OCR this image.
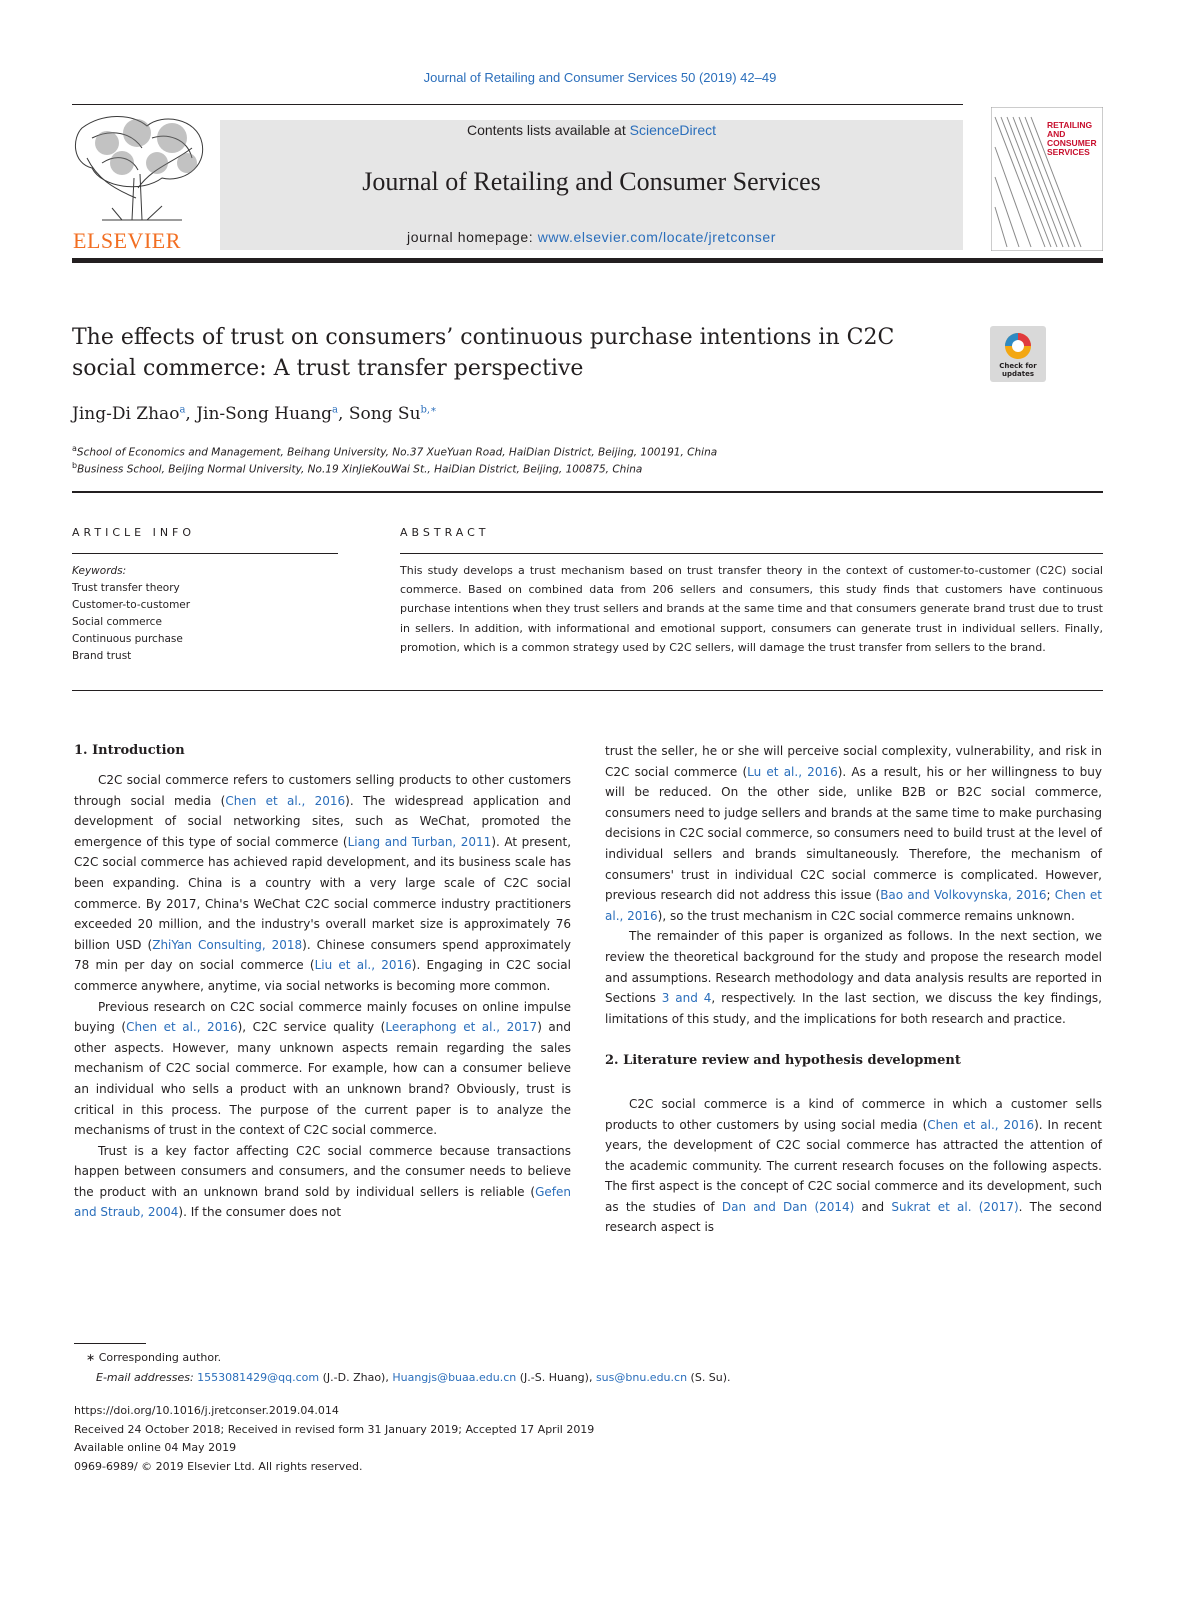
Journal of Retailing and Consumer Services 50 (2019) 42–49
ELSEVIER
Contents lists available at ScienceDirect
Journal of Retailing and Consumer Services
journal homepage: www.elsevier.com/locate/jretconser
RETAILING
AND
CONSUMER
SERVICES
The effects of trust on consumers’ continuous purchase intentions in C2C
social commerce: A trust transfer perspective	Check for
updates
Jing-Di Zhao$^a$, Jin-Song Huang$^a$, Song $Su^{b,∗}$
$^a$School of Economics and Management, Beihang University, No.37 XueYuan Road, HaiDian District, Beijing, 100191, China
$^b$Business School, Beijing Normal University, No.19 XinJieKouWai St., HaiDian District, Beijing, 100875, China
ARTICLE INFO	ABSTRACT
Keywords:
Trust transfer theory
Customer-to-customer
Social commerce
Continuous purchase
Brand trust
This study develops a trust mechanism based on trust transfer theory in the context of customer-to-customer (C2C) social commerce. Based on combined data from 206 sellers and consumers, this study finds that customers have continuous purchase intentions when they trust sellers and brands at the same time and that consumers generate brand trust due to trust in sellers. In addition, with informational and emotional support, consumers can generate trust in individual sellers. Finally, promotion, which is a common strategy used by C2C sellers, will damage the trust transfer from sellers to the brand.
1. Introduction

C2C social commerce refers to customers selling products to other customers through social media (Chen et al., 2016). The widespread application and development of social networking sites, such as WeChat, promoted the emergence of this type of social commerce (Liang and Turban, 2011). At present, C2C social commerce has achieved rapid development, and its business scale has been expanding. China is a country with a very large scale of C2C social commerce. By 2017, China's WeChat C2C social commerce industry practitioners exceeded 20 million, and the industry's overall market size is approximately 76 billion USD (ZhiYan Consulting, 2018). Chinese consumers spend approximately 78 min per day on social commerce (Liu et al., 2016). Engaging in C2C social commerce anywhere, anytime, via social networks is becoming more common.

Previous research on C2C social commerce mainly focuses on online impulse buying (Chen et al., 2016), C2C service quality (Leeraphong et al., 2017) and other aspects. However, many unknown aspects remain regarding the sales mechanism of C2C social commerce. For example, how can a consumer believe an individual who sells a product with an unknown brand? Obviously, trust is critical in this process. The purpose of the current paper is to analyze the mechanisms of trust in the context of C2C social commerce.

Trust is a key factor affecting C2C social commerce because transactions happen between consumers and consumers, and the consumer needs to believe the product with an unknown brand sold by individual sellers is reliable (Gefen and Straub, 2004). If the consumer does not

trust the seller, he or she will perceive social complexity, vulnerability, and risk in C2C social commerce (Lu et al., 2016). As a result, his or her willingness to buy will be reduced. On the other side, unlike B2B or B2C social commerce, consumers need to judge sellers and brands at the same time to make purchasing decisions in C2C social commerce, so consumers need to build trust at the level of individual sellers and brands simultaneously. Therefore, the mechanism of consumers' trust in individual C2C social commerce is complicated. However, previous research did not address this issue (Bao and Volkovynska, 2016; Chen et al., 2016), so the trust mechanism in C2C social commerce remains unknown.

The remainder of this paper is organized as follows. In the next section, we review the theoretical background for the study and propose the research model and assumptions. Research methodology and data analysis results are reported in Sections 3 and 4, respectively. In the last section, we discuss the key findings, limitations of this study, and the implications for both research and practice.

2. Literature review and hypothesis development

C2C social commerce is a kind of commerce in which a customer sells products to other customers by using social media (Chen et al., 2016). In recent years, the development of C2C social commerce has attracted the attention of the academic community. The current research focuses on the following aspects. The first aspect is the concept of C2C social commerce and its development, such as the studies of Dan and Dan (2014) and Sukrat et al. (2017). The second research aspect is

∗ Corresponding author.
E-mail addresses: 1553081429@qq.com (J.-D. Zhao), Huangjs@buaa.edu.cn (J.-S. Huang), sus@bnu.edu.cn (S. Su).
https://doi.org/10.1016/j.jretconser.2019.04.014
Received 24 October 2018; Received in revised form 31 January 2019; Accepted 17 April 2019
Available online 04 May 2019
0969-6989/ © 2019 Elsevier Ltd. All rights reserved.
